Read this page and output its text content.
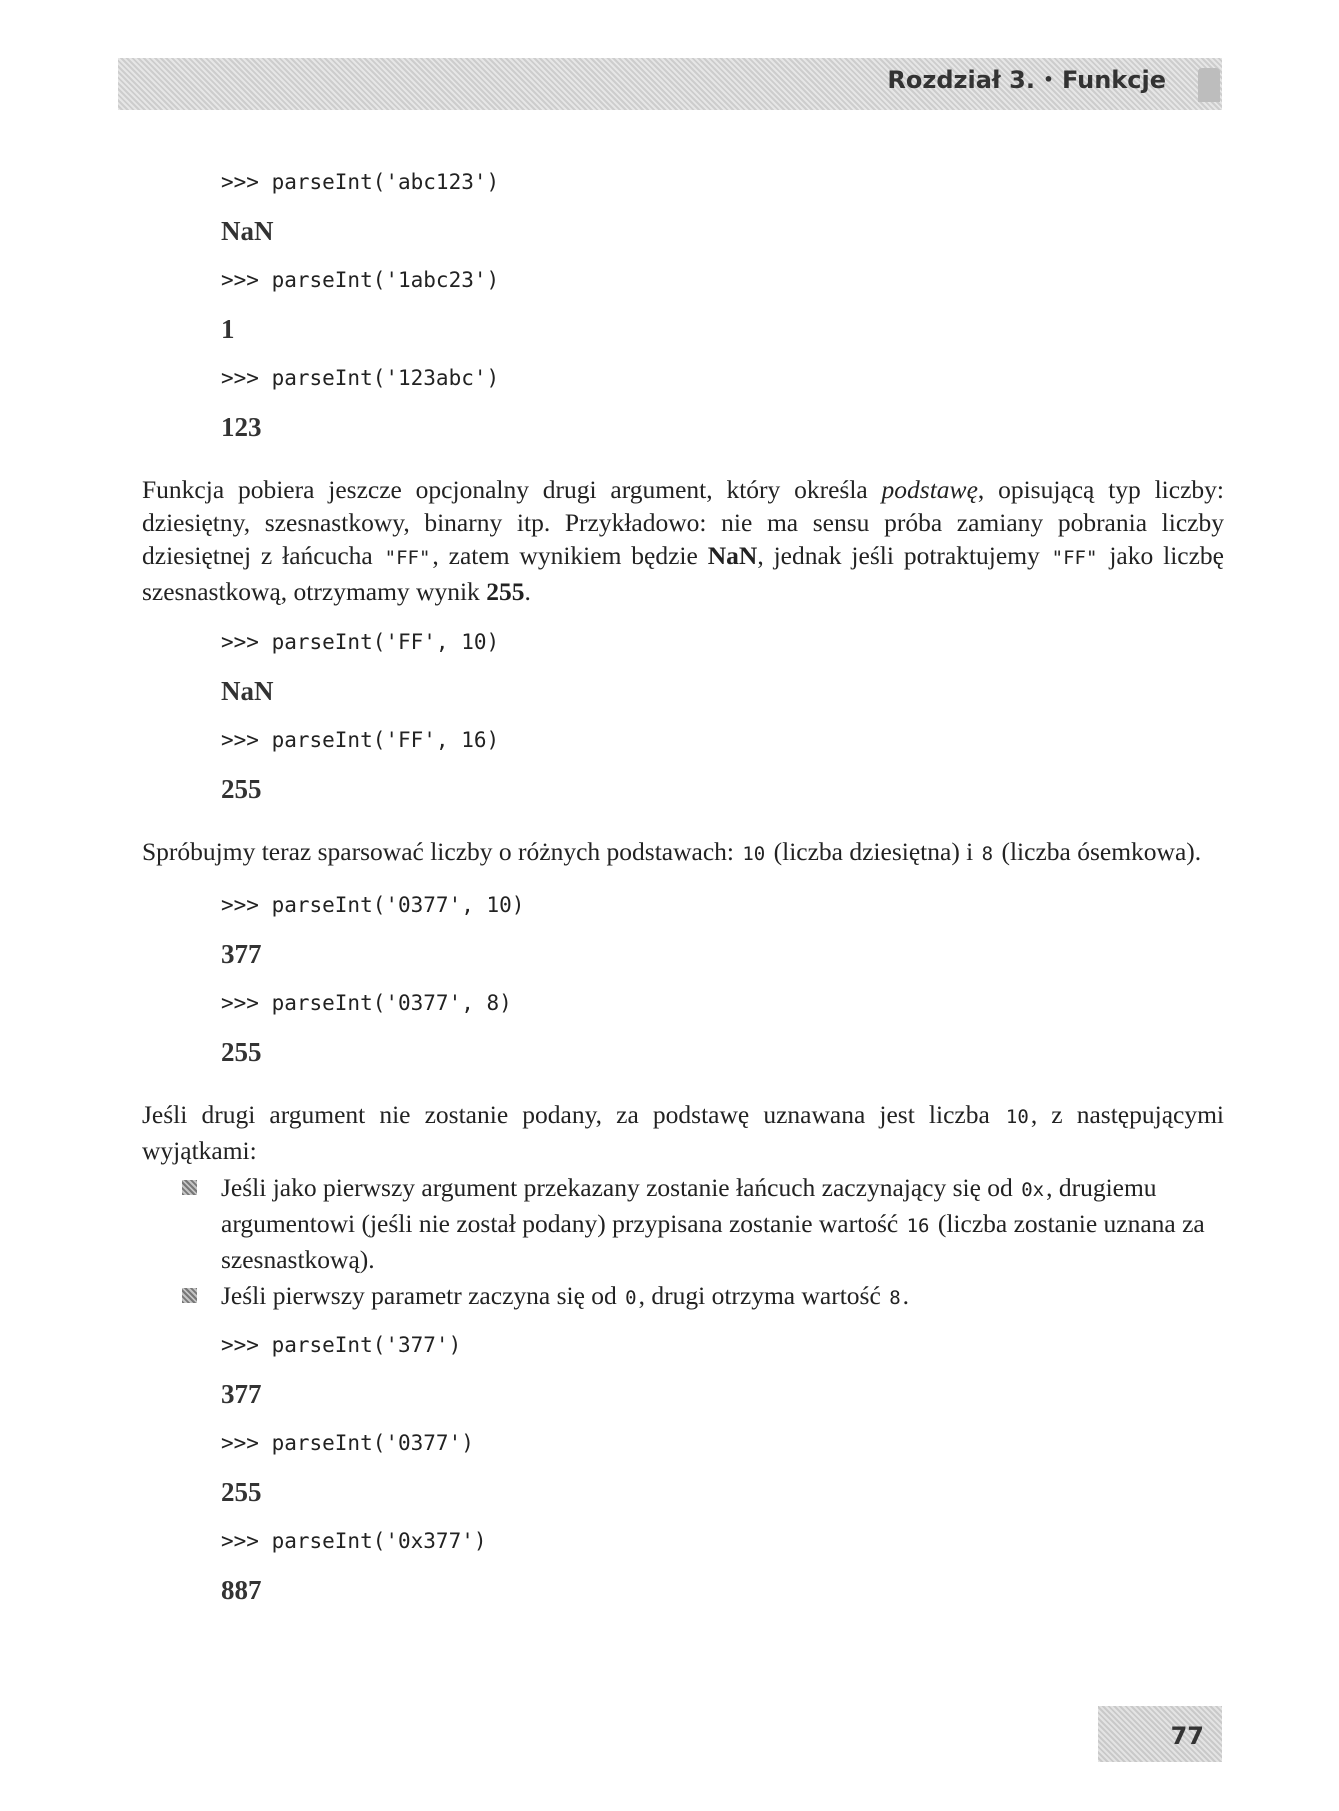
Rozdział 3. • Funkcje
>>> parseInt('abc123')
NaN
>>> parseInt('1abc23')
1
>>> parseInt('123abc')
123

Funkcja pobiera jeszcze opcjonalny drugi argument, który określa podstawę, opisującą typ liczby: dziesiętny, szesnastkowy, binarny itp. Przykładowo: nie ma sensu próba zamiany pobrania liczby dziesiętnej z łańcucha "FF", zatem wynikiem będzie NaN, jednak jeśli potraktujemy "FF" jako liczbę szesnastkową, otrzymamy wynik 255.

>>> parseInt('FF', 10)
NaN
>>> parseInt('FF', 16)
255

Spróbujmy teraz sparsować liczby o różnych podstawach: 10 (liczba dziesiętna) i 8 (liczba ósemkowa).

>>> parseInt('0377', 10)
377
>>> parseInt('0377', 8)
255

Jeśli drugi argument nie zostanie podany, za podstawę uznawana jest liczba 10, z następującymi wyjątkami:

Jeśli jako pierwszy argument przekazany zostanie łańcuch zaczynający się od 0x, drugiemu argumentowi (jeśli nie został podany) przypisana zostanie wartość 16 (liczba zostanie uznana za szesnastkową).
Jeśli pierwszy parametr zaczyna się od 0, drugi otrzyma wartość 8.
>>> parseInt('377')
377
>>> parseInt('0377')
255
>>> parseInt('0x377')
887
77
